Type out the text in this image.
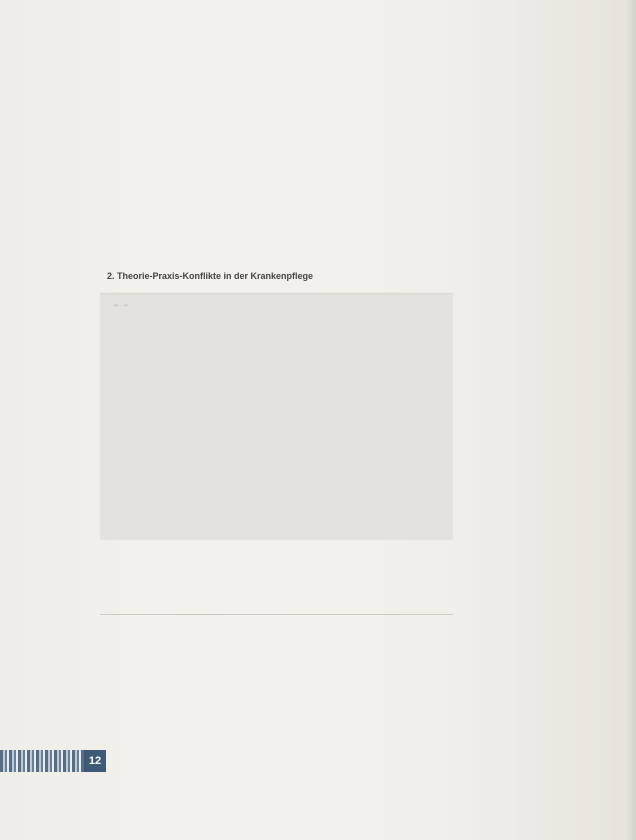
2. Theorie-Praxis-Konflikte in der Krankenpflege

12
